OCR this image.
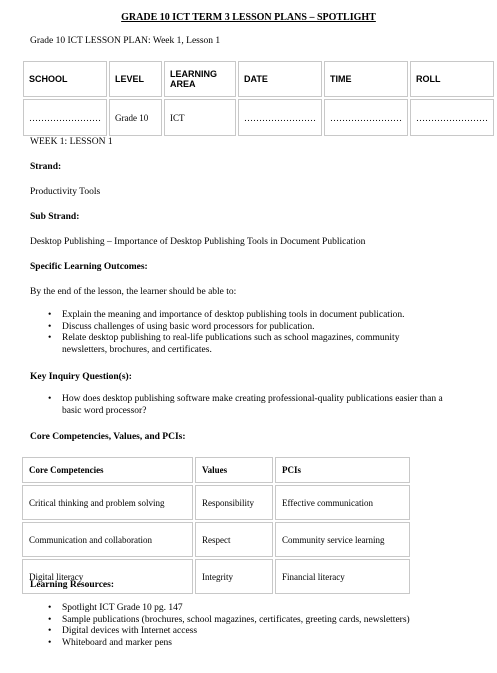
GRADE 10 ICT TERM 3 LESSON PLANS – SPOTLIGHT
Grade 10 ICT LESSON PLAN: Week 1, Lesson 1
SCHOOL	LEVEL	LEARNING AREA	DATE	TIME	ROLL
……………………	Grade 10	ICT	……………………	……………………	……………………
WEEK 1: LESSON 1
Strand:
Productivity Tools
Sub Strand:
Desktop Publishing – Importance of Desktop Publishing Tools in Document Publication
Specific Learning Outcomes:
By the end of the lesson, the learner should be able to:
• Explain the meaning and importance of desktop publishing tools in document publication.
• Discuss challenges of using basic word processors for publication.
• Relate desktop publishing to real-life publications such as school magazines, community newsletters, brochures, and certificates.
Key Inquiry Question(s):
• How does desktop publishing software make creating professional-quality publications easier than a basic word processor?
Core Competencies, Values, and PCIs:
Core Competencies	Values	PCIs
Critical thinking and problem solving	Responsibility	Effective communication
Communication and collaboration	Respect	Community service learning
Digital literacy	Integrity	Financial literacy
Learning Resources:
• Spotlight ICT Grade 10 pg. 147
• Sample publications (brochures, school magazines, certificates, greeting cards, newsletters)
• Digital devices with Internet access
• Whiteboard and marker pens
